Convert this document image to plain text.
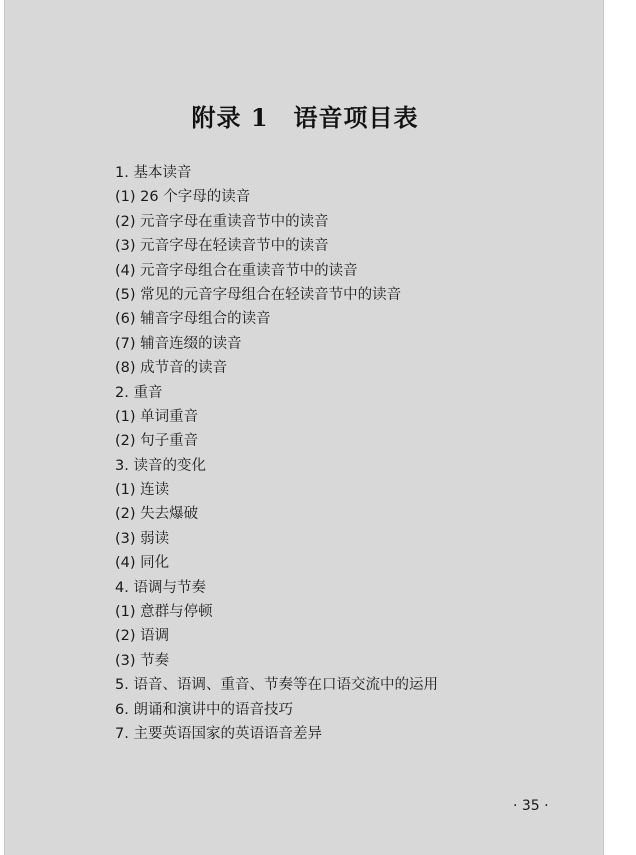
附录 1　语音项目表
1. 基本读音
(1) 26 个字母的读音
(2) 元音字母在重读音节中的读音
(3) 元音字母在轻读音节中的读音
(4) 元音字母组合在重读音节中的读音
(5) 常见的元音字母组合在轻读音节中的读音
(6) 辅音字母组合的读音
(7) 辅音连缀的读音
(8) 成节音的读音
2. 重音
(1) 单词重音
(2) 句子重音
3. 读音的变化
(1) 连读
(2) 失去爆破
(3) 弱读
(4) 同化
4. 语调与节奏
(1) 意群与停顿
(2) 语调
(3) 节奏
5. 语音、语调、重音、节奏等在口语交流中的运用
6. 朗诵和演讲中的语音技巧
7. 主要英语国家的英语语音差异
· 35 ·
